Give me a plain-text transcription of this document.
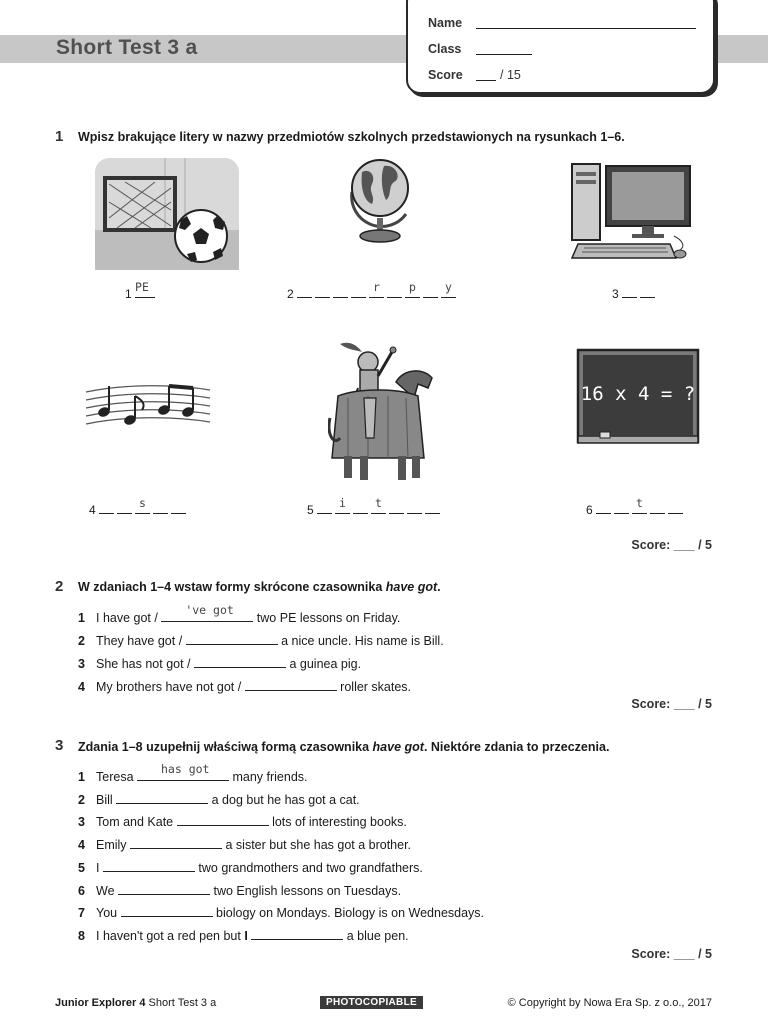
Short Test 3 a
Name
Class
Score	/ 15
1 Wpisz brakujące litery w nazwy przedmiotów szkolnych przedstawionych na rysunkach 1–6.
1 PE	2	r	p	y	3
16 x 4 = ?
4	s	5 i	t	6	t
Score: ___ / 5
2 W zdaniach 1–4 wstaw formy skrócone czasownika have got.
1 I have got /
've got
two PE lessons on Friday.
2 They have got /	a nice uncle. His name is Bill.
3 She has not got /	a guinea pig.
4 My brothers have not got /	roller skates.
Score: ___ / 5
3 Zdania 1–8 uzupełnij właściwą formą czasownika have got. Niektóre zdania to przeczenia.
1 Teresa
has got
many friends.
2 Bill	a dog but he has got a cat.
3 Tom and Kate	lots of interesting books.
4 Emily	a sister but she has got a brother.
5 I	two grandmothers and two grandfathers.
6 We	two English lessons on Tuesdays.
7 You	biology on Mondays. Biology is on Wednesdays.
8 I haven't got a red pen but I	a blue pen.
Score: ___ / 5
Junior Explorer 4 Short Test 3 a	PHOTOCOPIABLE	© Copyright by Nowa Era Sp. z o.o., 2017
